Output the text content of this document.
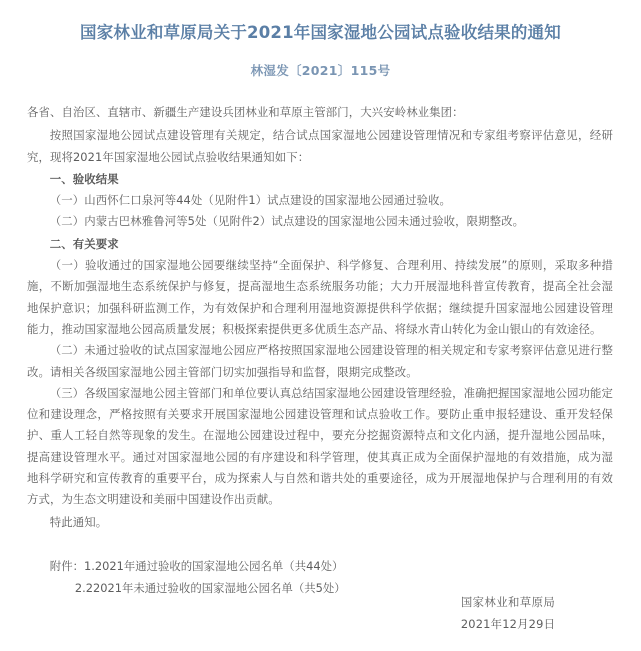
国家林业和草原局关于2021年国家湿地公园试点验收结果的通知

林湿发〔2021〕115号

各省、自治区、直辖市、新疆生产建设兵团林业和草原主管部门，大兴安岭林业集团：

按照国家湿地公园试点建设管理有关规定，结合试点国家湿地公园建设管理情况和专家组考察评估意见，经研究，现将2021年国家湿地公园试点验收结果通知如下：

一、验收结果

（一）山西怀仁口泉河等44处（见附件1）试点建设的国家湿地公园通过验收。

（二）内蒙古巴林雅鲁河等5处（见附件2）试点建设的国家湿地公园未通过验收，限期整改。

二、有关要求

（一）验收通过的国家湿地公园要继续坚持“全面保护、科学修复、合理利用、持续发展”的原则，采取多种措施，不断加强湿地生态系统保护与修复，提高湿地生态系统服务功能；大力开展湿地科普宣传教育，提高全社会湿地保护意识；加强科研监测工作，为有效保护和合理利用湿地资源提供科学依据；继续提升国家湿地公园建设管理能力，推动国家湿地公园高质量发展；积极探索提供更多优质生态产品、将绿水青山转化为金山银山的有效途径。

（二）未通过验收的试点国家湿地公园应严格按照国家湿地公园建设管理的相关规定和专家考察评估意见进行整改。请相关各级国家湿地公园主管部门切实加强指导和监督，限期完成整改。

（三）各级国家湿地公园主管部门和单位要认真总结国家湿地公园建设管理经验，准确把握国家湿地公园功能定位和建设理念，严格按照有关要求开展国家湿地公园建设管理和试点验收工作。要防止重申报轻建设、重开发轻保护、重人工轻自然等现象的发生。在湿地公园建设过程中，要充分挖掘资源特点和文化内涵，提升湿地公园品味，提高建设管理水平。通过对国家湿地公园的有序建设和科学管理，使其真正成为全面保护湿地的有效措施，成为湿地科学研究和宣传教育的重要平台，成为探索人与自然和谐共处的重要途径，成为开展湿地保护与合理利用的有效方式，为生态文明建设和美丽中国建设作出贡献。

特此通知。

附件： 1.2021年通过验收的国家湿地公园名单（共44处）
2.22021年未通过验收的国家湿地公园名单（共5处）
国家林业和草原局
2021年12月29日
